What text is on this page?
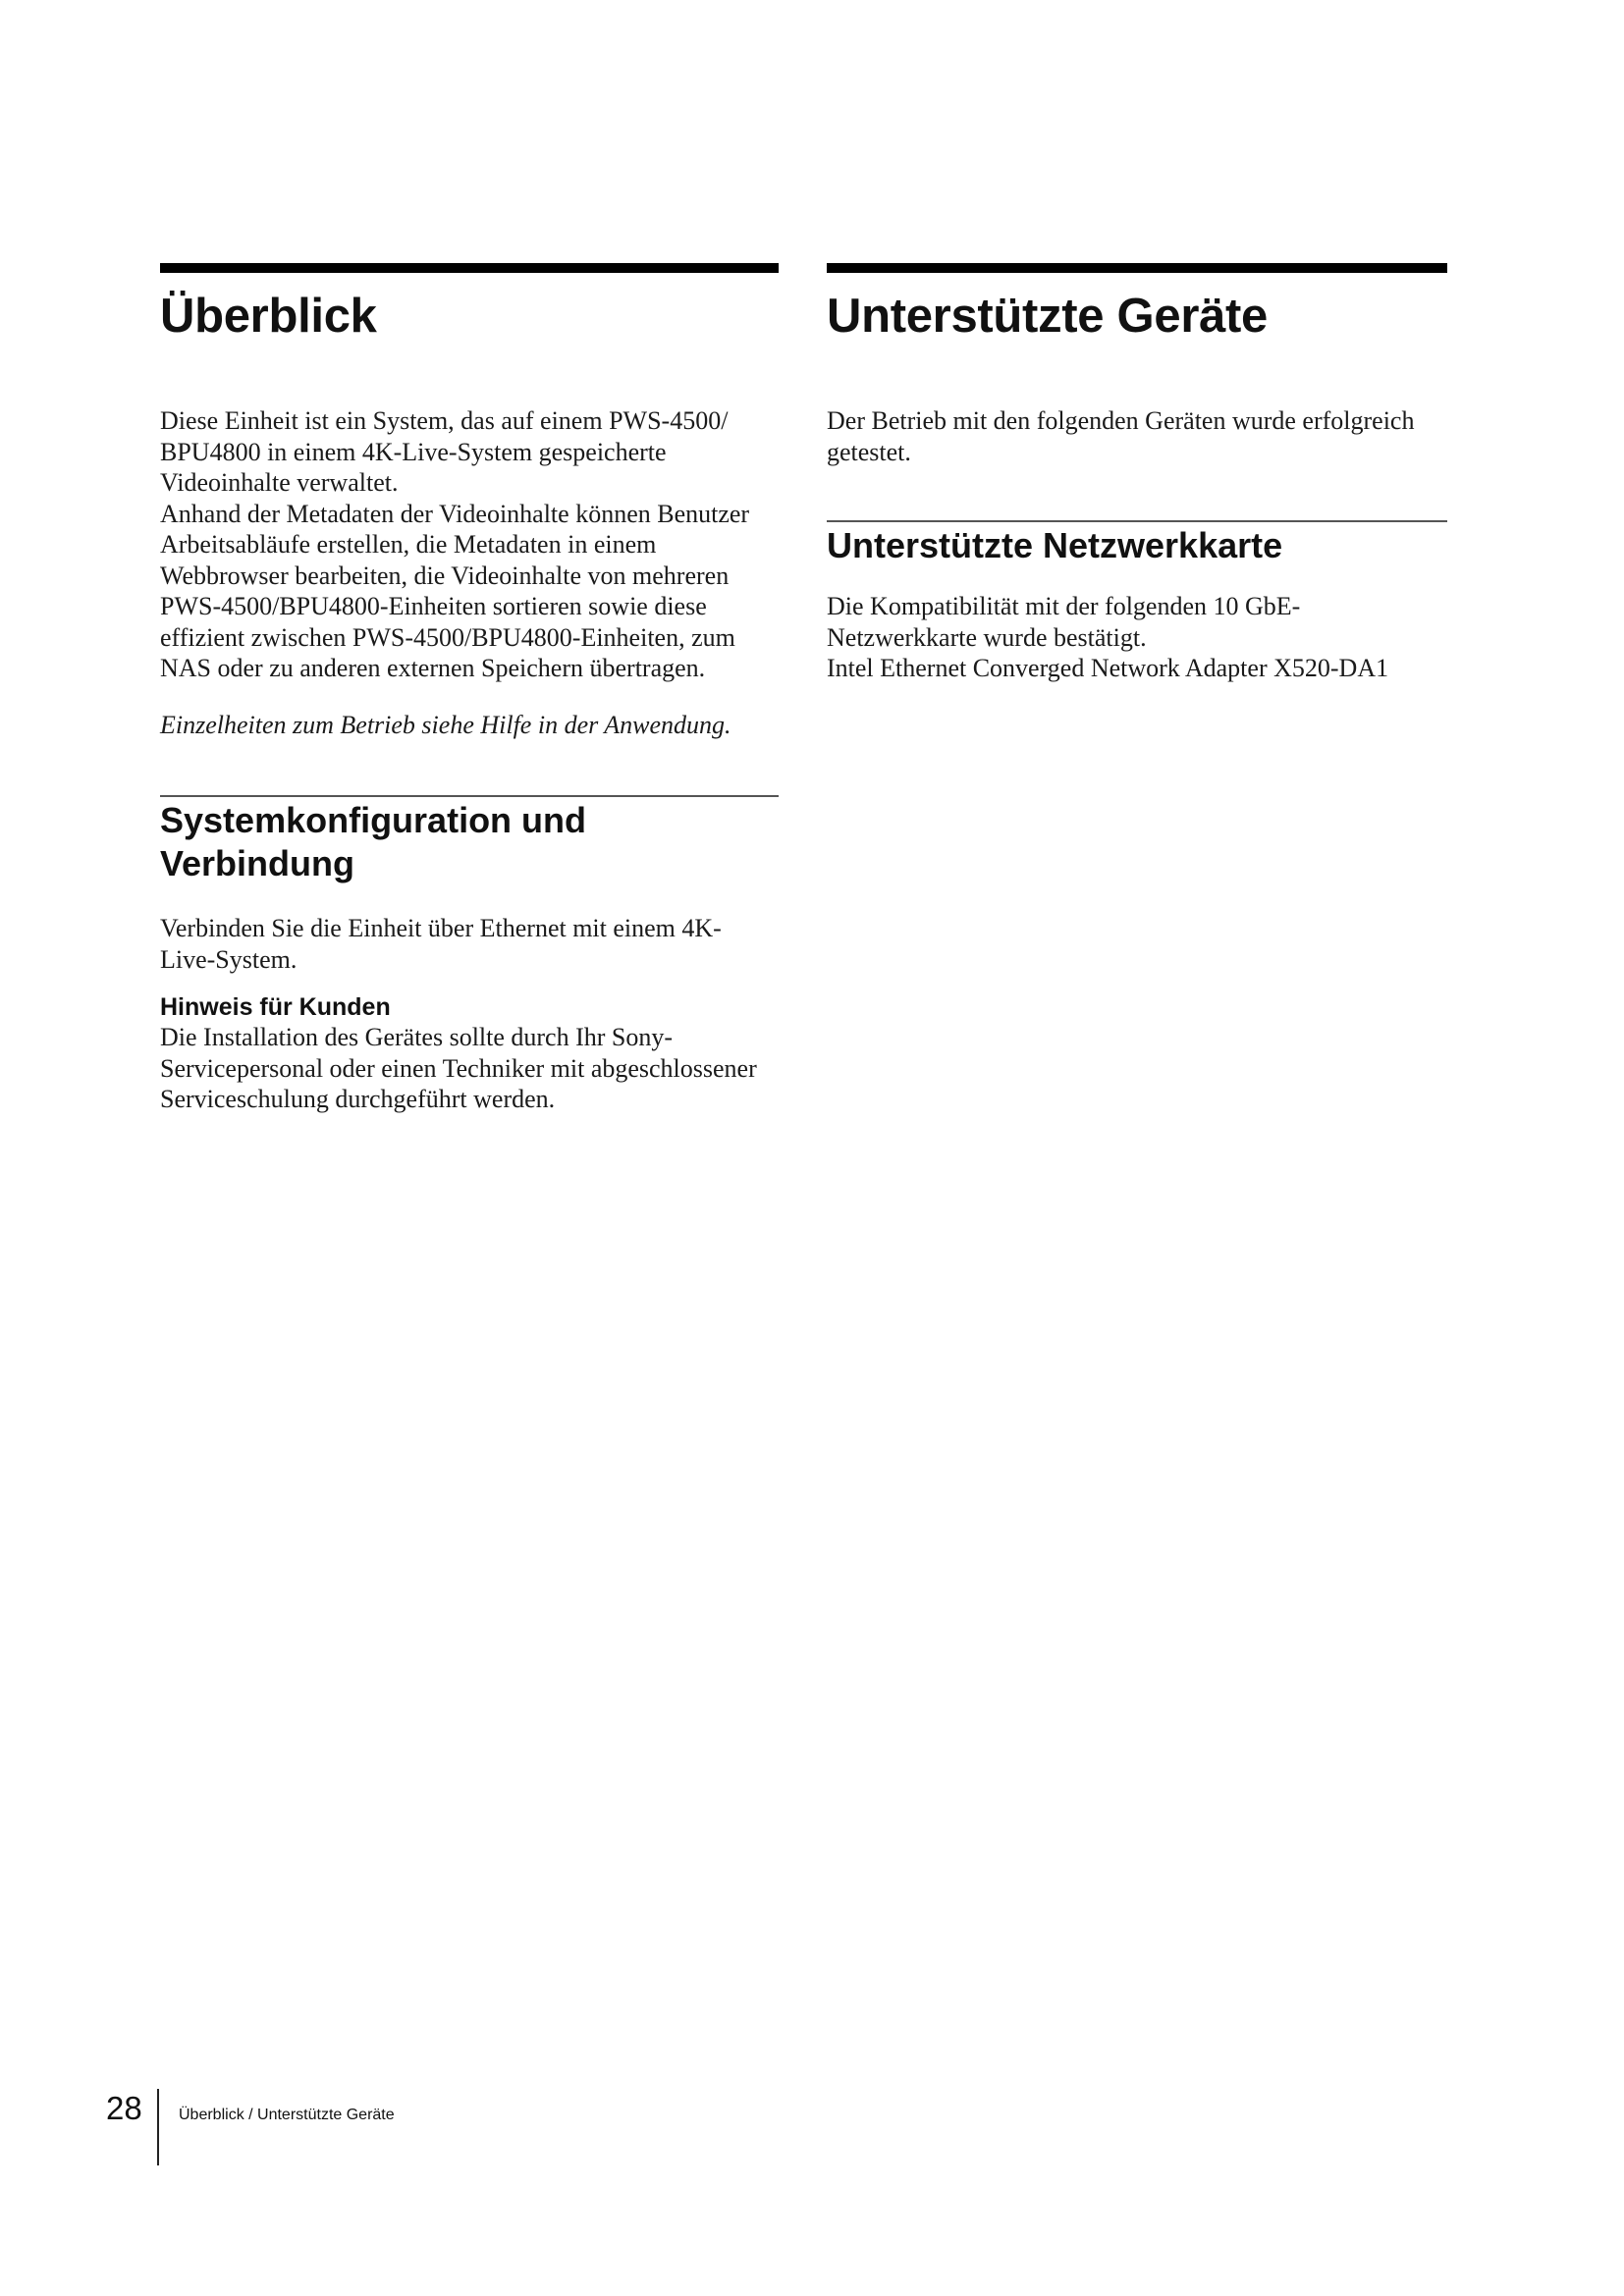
Überblick

Diese Einheit ist ein System, das auf einem PWS-4500/
BPU4800 in einem 4K-Live-System gespeicherte
Videoinhalte verwaltet.
Anhand der Metadaten der Videoinhalte können Benutzer
Arbeitsabläufe erstellen, die Metadaten in einem
Webbrowser bearbeiten, die Videoinhalte von mehreren
PWS-4500/BPU4800-Einheiten sortieren sowie diese
effizient zwischen PWS-4500/BPU4800-Einheiten, zum
NAS oder zu anderen externen Speichern übertragen.

Einzelheiten zum Betrieb siehe Hilfe in der Anwendung.

Systemkonfiguration und
Verbindung

Verbinden Sie die Einheit über Ethernet mit einem 4K-
Live-System.

Hinweis für Kunden

Die Installation des Gerätes sollte durch Ihr Sony-
Servicepersonal oder einen Techniker mit abgeschlossener
Serviceschulung durchgeführt werden.

Unterstützte Geräte

Der Betrieb mit den folgenden Geräten wurde erfolgreich
getestet.

Unterstützte Netzwerkkarte

Die Kompatibilität mit der folgenden 10 GbE-
Netzwerkkarte wurde bestätigt.
Intel Ethernet Converged Network Adapter X520-DA1

28 Überblick / Unterstützte Geräte
